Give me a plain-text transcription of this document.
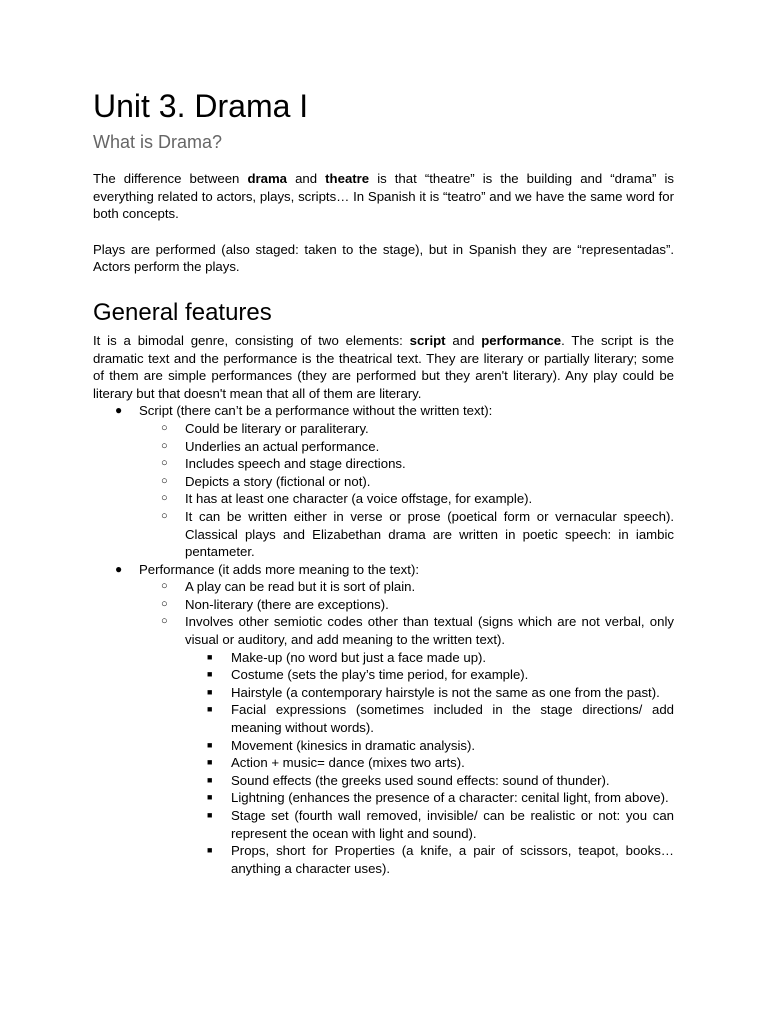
Unit 3. Drama I
What is Drama?

The difference between drama and theatre is that “theatre” is the building and “drama” is everything related to actors, plays, scripts… In Spanish it is “teatro” and we have the same word for both concepts.

Plays are performed (also staged: taken to the stage), but in Spanish they are “representadas”. Actors perform the plays.

General features

It is a bimodal genre, consisting of two elements: script and performance. The script is the dramatic text and the performance is the theatrical text. They are literary or partially literary; some of them are simple performances (they are performed but they aren't literary). Any play could be literary but that doesn't mean that all of them are literary.

● Script (there can’t be a performance without the written text):
○ Could be literary or paraliterary.
○ Underlies an actual performance.
○ Includes speech and stage directions.
○ Depicts a story (fictional or not).
○ It has at least one character (a voice offstage, for example).
○ It can be written either in verse or prose (poetical form or vernacular speech). Classical plays and Elizabethan drama are written in poetic speech: in iambic pentameter.
● Performance (it adds more meaning to the text):
○ A play can be read but it is sort of plain.
○ Non-literary (there are exceptions).
○ Involves other semiotic codes other than textual (signs which are not verbal, only visual or auditory, and add meaning to the written text).
■ Make-up (no word but just a face made up).
■ Costume (sets the play’s time period, for example).
■ Hairstyle (a contemporary hairstyle is not the same as one from the past).
■ Facial expressions (sometimes included in the stage directions/ add meaning without words).
■ Movement (kinesics in dramatic analysis).
■ Action + music= dance (mixes two arts).
■ Sound effects (the greeks used sound effects: sound of thunder).
■ Lightning (enhances the presence of a character: cenital light, from above).
■ Stage set (fourth wall removed, invisible/ can be realistic or not: you can represent the ocean with light and sound).
■ Props, short for Properties (a knife, a pair of scissors, teapot, books… anything a character uses).
